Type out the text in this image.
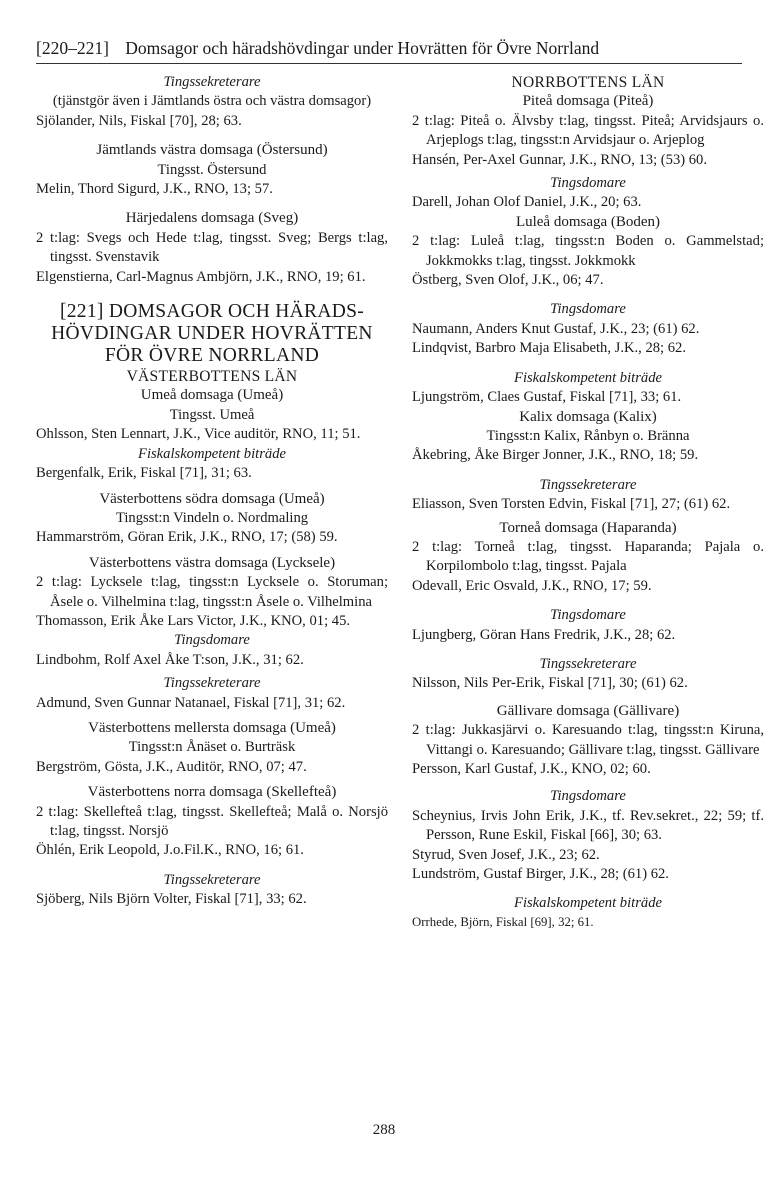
[220–221] Domsagor och häradshövdingar under Hovrätten för Övre Norrland

Tingssekreterare

(tjänstgör även i Jämtlands östra och västra domsagor)

Sjölander, Nils, Fiskal [70], 28; 63.

Jämtlands västra domsaga (Östersund)

Tingsst. Östersund

Melin, Thord Sigurd, J.K., RNO, 13; 57.

Härjedalens domsaga (Sveg)

2 t:lag: Svegs och Hede t:lag, tingsst. Sveg; Bergs t:lag, tingsst. Svenstavik

Elgenstierna, Carl-Magnus Ambjörn, J.K., RNO, 19; 61.

[221] DOMSAGOR OCH HÄRADS-HÖVDINGAR UNDER HOVRÄTTEN FÖR ÖVRE NORRLAND

VÄSTERBOTTENS LÄN

Umeå domsaga (Umeå)

Tingsst. Umeå

Ohlsson, Sten Lennart, J.K., Vice auditör, RNO, 11; 51.

Fiskalskompetent biträde

Bergenfalk, Erik, Fiskal [71], 31; 63.

Västerbottens södra domsaga (Umeå)

Tingsst:n Vindeln o. Nordmaling

Hammarström, Göran Erik, J.K., RNO, 17; (58) 59.

Västerbottens västra domsaga (Lycksele)

2 t:lag: Lycksele t:lag, tingsst:n Lycksele o. Storuman; Åsele o. Vilhelmina t:lag, tingsst:n Åsele o. Vilhelmina

Thomasson, Erik Åke Lars Victor, J.K., KNO, 01; 45.

Tingsdomare

Lindbohm, Rolf Axel Åke T:son, J.K., 31; 62.

Tingssekreterare

Admund, Sven Gunnar Natanael, Fiskal [71], 31; 62.

Västerbottens mellersta domsaga (Umeå)

Tingsst:n Ånäset o. Burträsk

Bergström, Gösta, J.K., Auditör, RNO, 07; 47.

Västerbottens norra domsaga (Skellefteå)

2 t:lag: Skellefteå t:lag, tingsst. Skellefteå; Malå o. Norsjö t:lag, tingsst. Norsjö

Öhlén, Erik Leopold, J.o.Fil.K., RNO, 16; 61.

Tingssekreterare

Sjöberg, Nils Björn Volter, Fiskal [71], 33; 62.

NORRBOTTENS LÄN

Piteå domsaga (Piteå)

2 t:lag: Piteå o. Älvsby t:lag, tingsst. Piteå; Arvidsjaurs o. Arjeplogs t:lag, tingsst:n Arvidsjaur o. Arjeplog

Hansén, Per-Axel Gunnar, J.K., RNO, 13; (53) 60.

Tingsdomare

Darell, Johan Olof Daniel, J.K., 20; 63.

Luleå domsaga (Boden)

2 t:lag: Luleå t:lag, tingsst:n Boden o. Gammelstad; Jokkmokks t:lag, tingsst. Jokkmokk

Östberg, Sven Olof, J.K., 06; 47.

Tingsdomare

Naumann, Anders Knut Gustaf, J.K., 23; (61) 62.

Lindqvist, Barbro Maja Elisabeth, J.K., 28; 62.

Fiskalskompetent biträde

Ljungström, Claes Gustaf, Fiskal [71], 33; 61.

Kalix domsaga (Kalix)

Tingsst:n Kalix, Rånbyn o. Bränna

Åkebring, Åke Birger Jonner, J.K., RNO, 18; 59.

Tingssekreterare

Eliasson, Sven Torsten Edvin, Fiskal [71], 27; (61) 62.

Torneå domsaga (Haparanda)

2 t:lag: Torneå t:lag, tingsst. Haparanda; Pajala o. Korpilombolo t:lag, tingsst. Pajala

Odevall, Eric Osvald, J.K., RNO, 17; 59.

Tingsdomare

Ljungberg, Göran Hans Fredrik, J.K., 28; 62.

Tingssekreterare

Nilsson, Nils Per-Erik, Fiskal [71], 30; (61) 62.

Gällivare domsaga (Gällivare)

2 t:lag: Jukkasjärvi o. Karesuando t:lag, tingsst:n Kiruna, Vittangi o. Karesuando; Gällivare t:lag, tingsst. Gällivare

Persson, Karl Gustaf, J.K., KNO, 02; 60.

Tingsdomare

Scheynius, Irvis John Erik, J.K., tf. Rev.sekret., 22; 59; tf. Persson, Rune Eskil, Fiskal [66], 30; 63.

Styrud, Sven Josef, J.K., 23; 62.

Lundström, Gustaf Birger, J.K., 28; (61) 62.

Fiskalskompetent biträde

Orrhede, Björn, Fiskal [69], 32; 61.

288
